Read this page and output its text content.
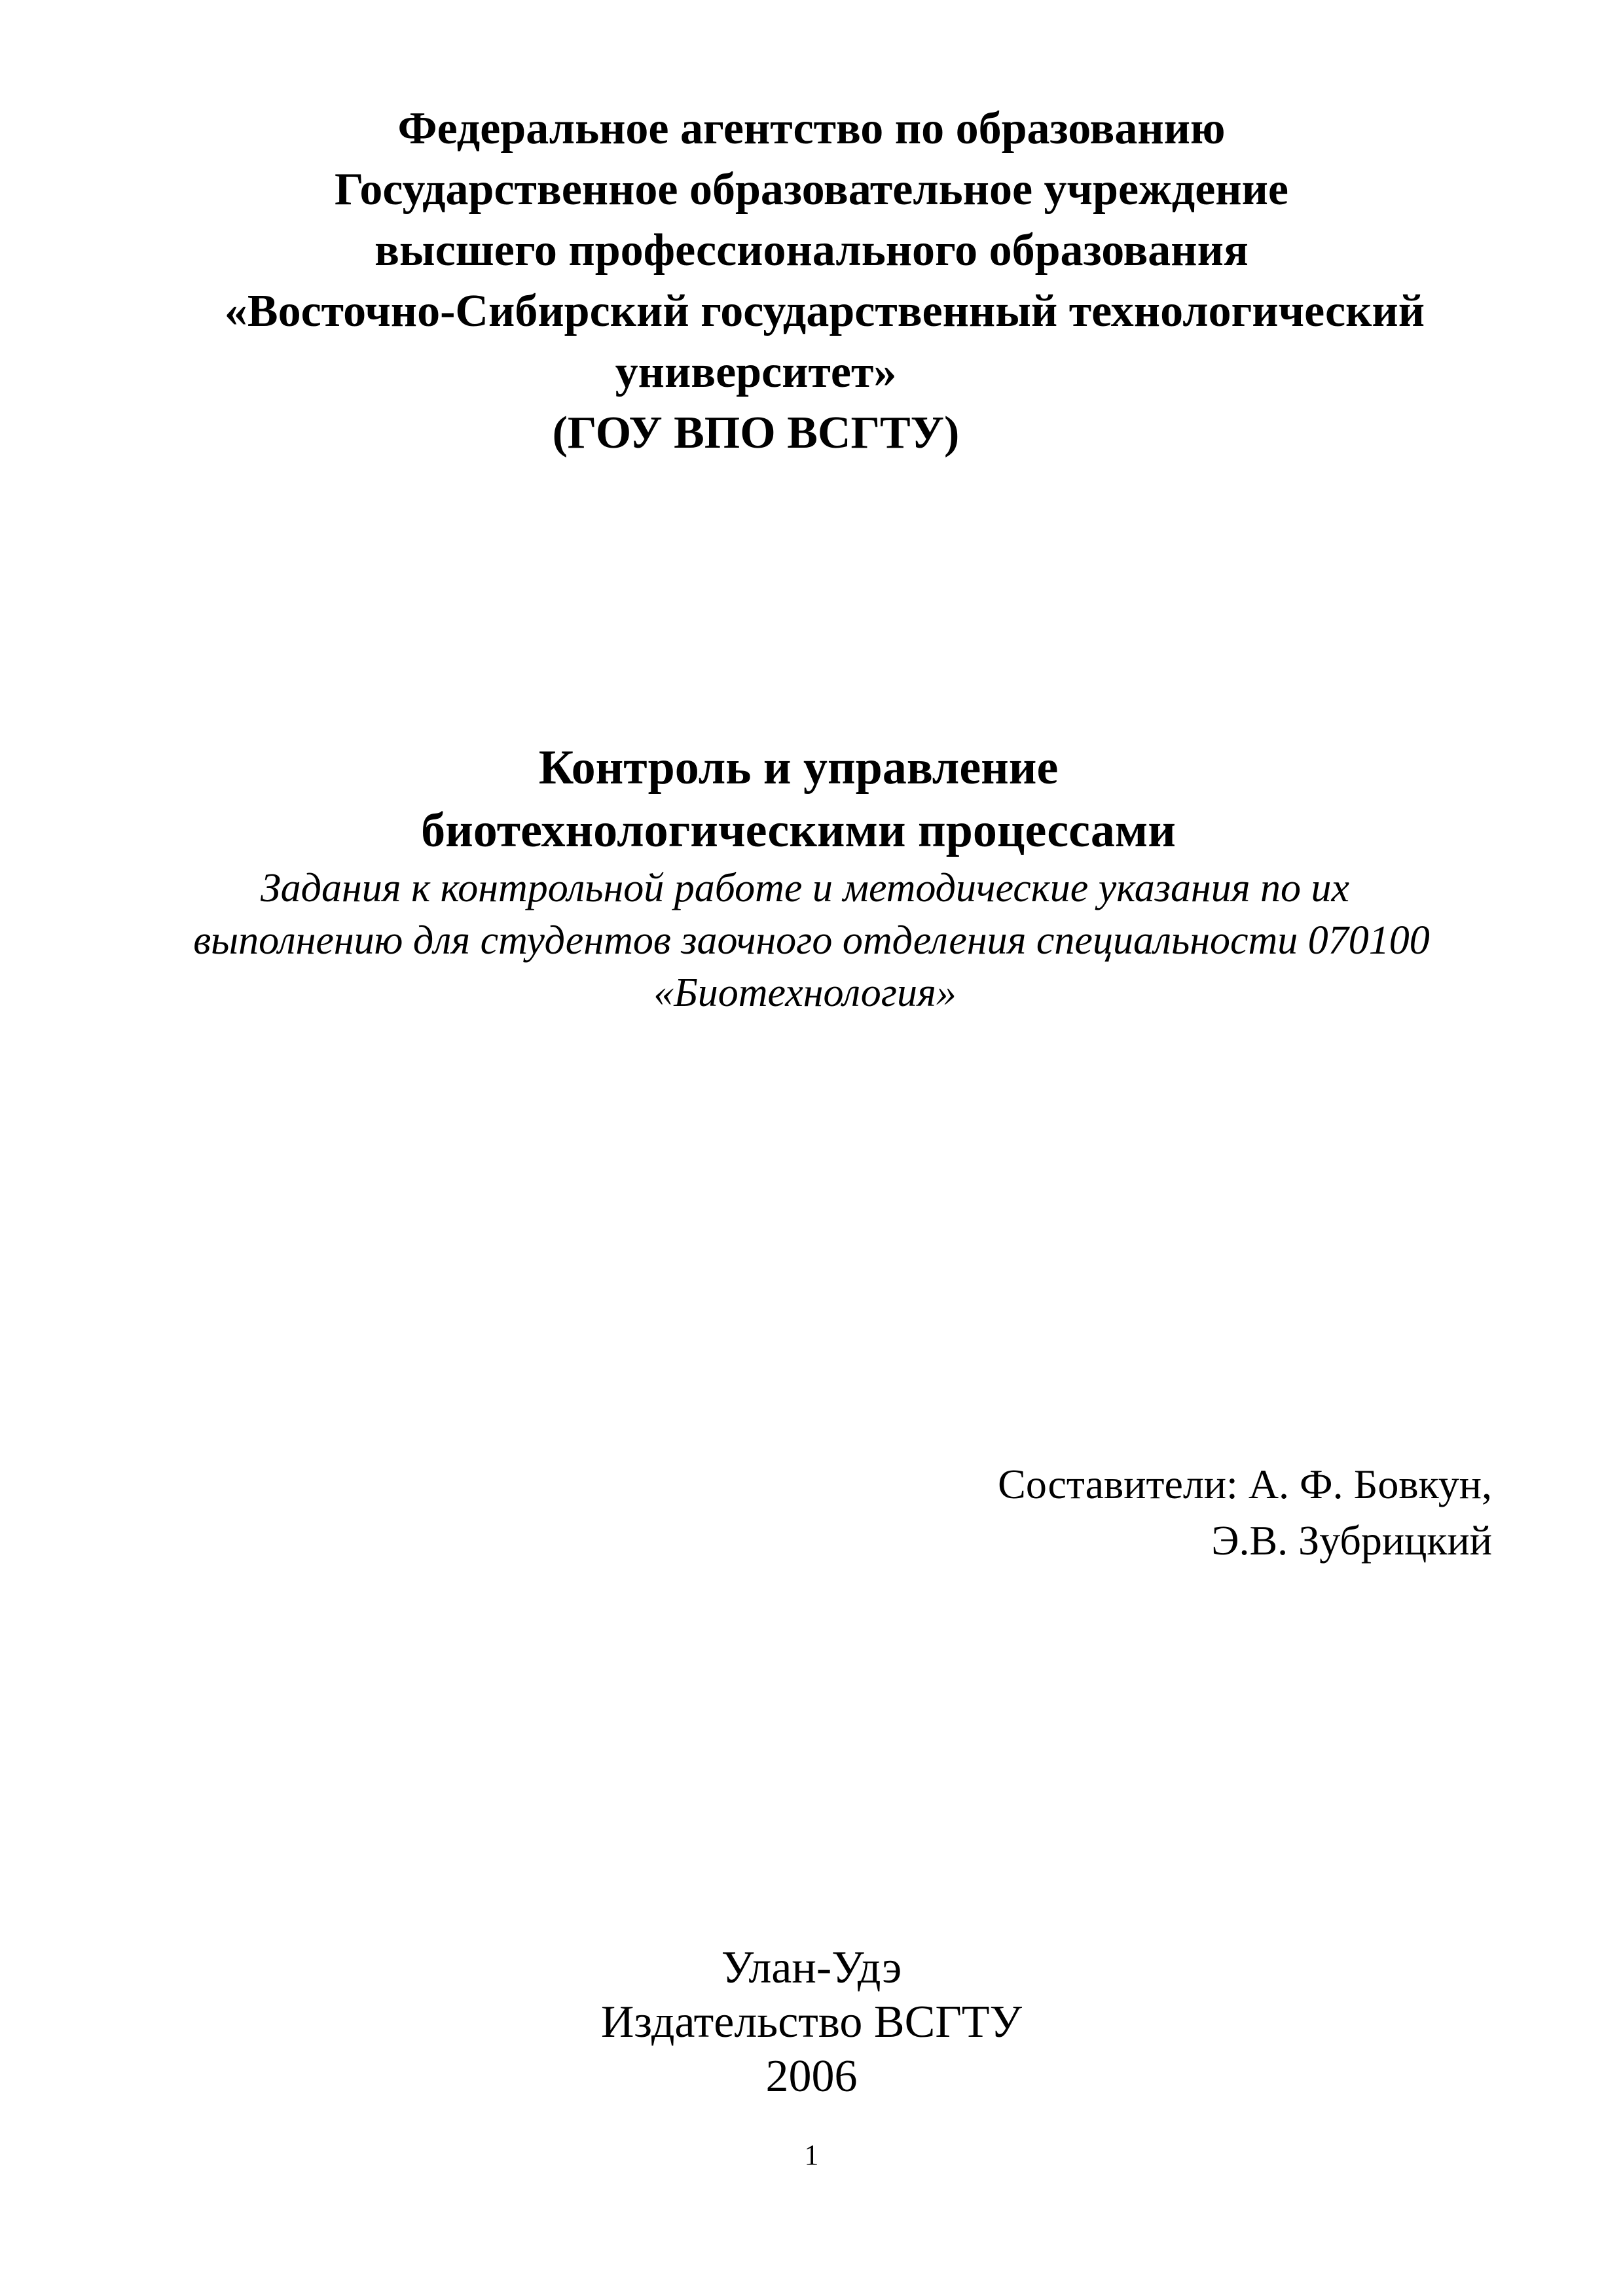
Федеральное агентство по образованию
Государственное образовательное учреждение
высшего профессионального образования
«Восточно-Сибирский государственный технологический
университет»
(ГОУ ВПО ВСГТУ)
Контроль и управление
биотехнологическими процессами
Задания к контрольной работе и методические указания по их
выполнению для студентов заочного отделения специальности 070100
«Биотехнология»
Составители: А. Ф. Бовкун,
Э.В. Зубрицкий
Улан-Удэ
Издательство ВСГТУ
2006
1
